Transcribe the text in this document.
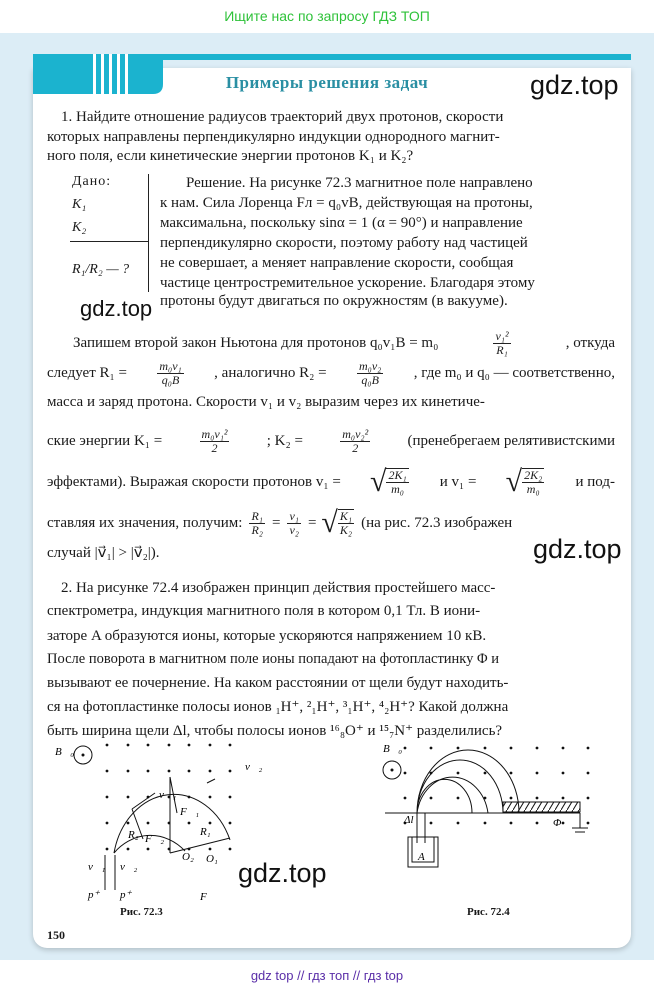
Ищите нас по запросу ГДЗ ТОП
Примеры решения задач	gdz.top
gdz.top
gdz.top
gdz.top
1. Найдите отношение радиусов траекторий двух протонов, скорости
которых направлены перпендикулярно индукции однородного магнит-
ного поля, если кинетические энергии протонов K₁ и K₂?
Дано:
K₁
K₂
R₁/R₂ — ?
Решение. На рисунке 72.3 магнитное поле направлено
к нам. Сила Лоренца Fл = q₀vB, действующая на протоны,
максимальна, поскольку sinα = 1 (α = 90°) и направление
перпендикулярно скорости, поэтому работу над частицей
не совершает, а меняет направление скорости, сообщая
частице центростремительное ускорение. Благодаря этому
протоны будут двигаться по окружностям (в вакууме).
Запишем второй закон Ньютона для протонов q₀v₁B = m₀	v₁²
R₁	, откуда
следует R₁ =	$\frac{\text{m₀v₁}}{\text{q₀B}}$ , аналогично R₂ =	$\frac{\text{m₀v₂}}{\text{q₀B}}$ , где m₀ и q₀ — соответственно,
масса и заряд протона. Скорости v₁ и v₂ выразим через их кинетиче-
ские энергии K₁ =	$\frac{\text{m₀v₁²}}{2}$ ; K₂ =	$\frac{\text{m₀v₂²}}{2}$ (пренебрегаем релятивистскими
эффектами). Выражая скорости протонов v₁ = √ 2K₁
m₀ и v₁ = √ 2K₂
m₀ и под-
ставляя их значения, получим: $\frac{\text{R₁}}{\text{R₂}} = \frac{\text{v₁}}{\text{v₂}}$ = √ K₁
K₂ (на рис. 72.3 изображен
случай |v⃗₁| > |v⃗₂|).
2. На рисунке 72.4 изображен принцип действия простейшего масс-
спектрометра, индукция магнитного поля в котором 0,1 Тл. В иони-
заторе A образуются ионы, которые ускоряются напряжением 10 кВ.
После поворота в магнитном поле ионы попадают на фотопластинку Φ и
вызывают ее почернение. На каком расстоянии от щели будут находить-
ся на фотопластинке полосы ионов ₁H⁺, ²₁H⁺, ³₁H⁺, ⁴₂H⁺? Какой должна
быть ширина щели Δl, чтобы полосы ионов ¹⁶₈O⁺ и ¹⁵₇N⁺ разделились?
B⃗₀
v⃗₁
v⃗₂
F⃗₁
F⃗₂
R₁
R₂
O₁
O₂
v⃗₁ v⃗₂
p⁺ p⁺	F
Рис. 72.3
B⃗₀
Δl
A
Φ
Рис. 72.4
150
gdz top // гдз топ // гдз top
